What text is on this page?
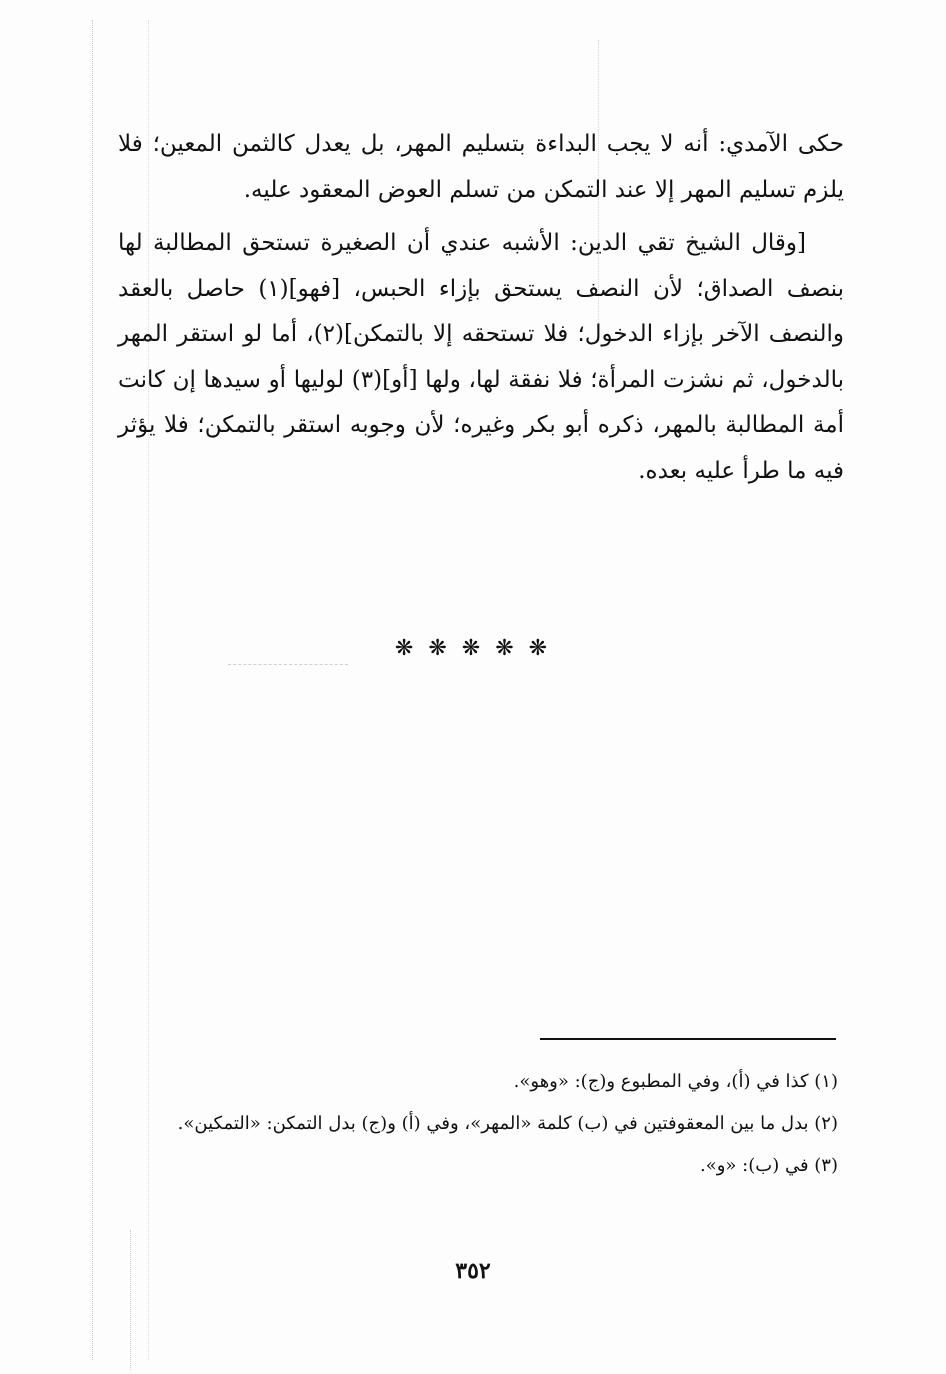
حكى الآمدي: أنه لا يجب البداءة بتسليم المهر، بل يعدل كالثمن المعين؛ فلا يلزم تسليم المهر إلا عند التمكن من تسلم العوض المعقود عليه.

[وقال الشيخ تقي الدين: الأشبه عندي أن الصغيرة تستحق المطالبة لها بنصف الصداق؛ لأن النصف يستحق بإزاء الحبس، [فهو](١) حاصل بالعقد والنصف الآخر بإزاء الدخول؛ فلا تستحقه إلا بالتمكن](٢)، أما لو استقر المهر بالدخول، ثم نشزت المرأة؛ فلا نفقة لها، ولها [أو](٣) لوليها أو سيدها إن كانت أمة المطالبة بالمهر، ذكره أبو بكر وغيره؛ لأن وجوبه استقر بالتمكن؛ فلا يؤثر فيه ما طرأ عليه بعده.

❋ ❋ ❋ ❋ ❋

(١) كذا في (أ)، وفي المطبوع و(ج): «وهو».

(٢) بدل ما بين المعقوفتين في (ب) كلمة «المهر»، وفي (أ) و(ج) بدل التمكن: «التمكين».

(٣) في (ب): «و».

٣٥٢
